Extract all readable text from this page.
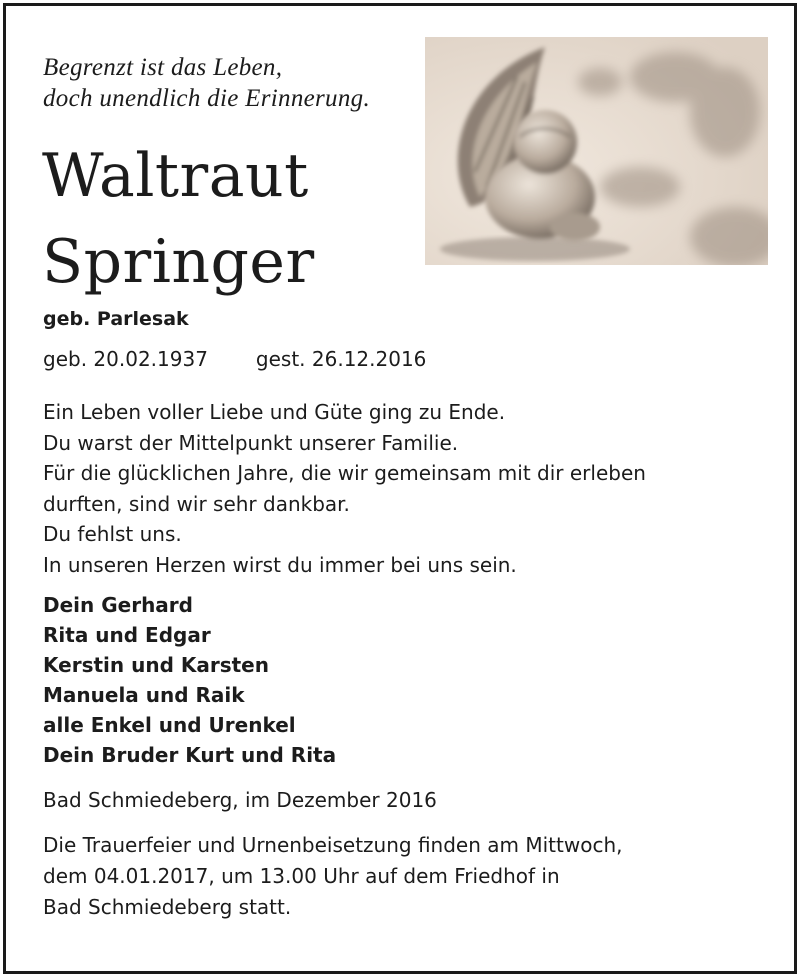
Begrenzt ist das Leben,
doch unendlich die Erinnerung.
Waltraut
Springer
geb. Parlesak
geb. 20.02.1937 gest. 26.12.2016
Ein Leben voller Liebe und Güte ging zu Ende.
Du warst der Mittelpunkt unserer Familie.
Für die glücklichen Jahre, die wir gemeinsam mit dir erleben
durften, sind wir sehr dankbar.
Du fehlst uns.
In unseren Herzen wirst du immer bei uns sein.
Dein Gerhard
Rita und Edgar
Kerstin und Karsten
Manuela und Raik
alle Enkel und Urenkel
Dein Bruder Kurt und Rita
Bad Schmiedeberg, im Dezember 2016
Die Trauerfeier und Urnenbeisetzung finden am Mittwoch,
dem 04.01.2017, um 13.00 Uhr auf dem Friedhof in
Bad Schmiedeberg statt.
